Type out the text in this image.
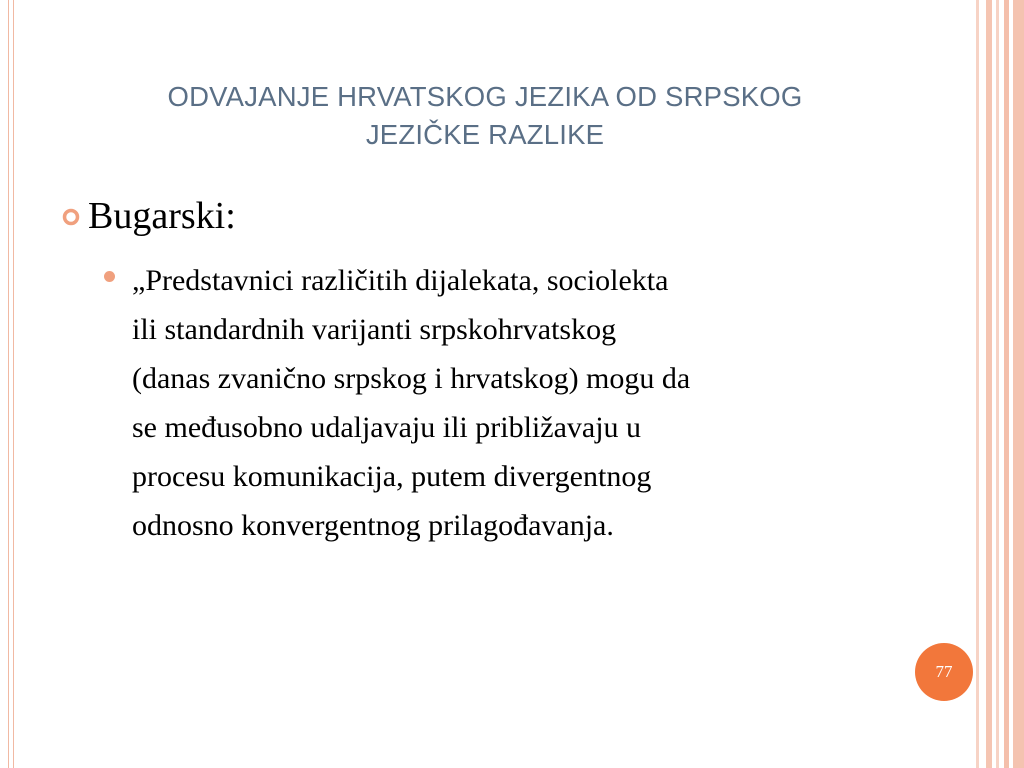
ODVAJANJE HRVATSKOG JEZIKA OD SRPSKOG
JEZIČKE RAZLIKE
Bugarski:
„Predstavnici različitih dijalekata, sociolekta
ili standardnih varijanti srpskohrvatskog
(danas zvanično srpskog i hrvatskog) mogu da
se međusobno udaljavaju ili približavaju u
procesu komunikacija, putem divergentnog
odnosno konvergentnog prilagođavanja.
77
